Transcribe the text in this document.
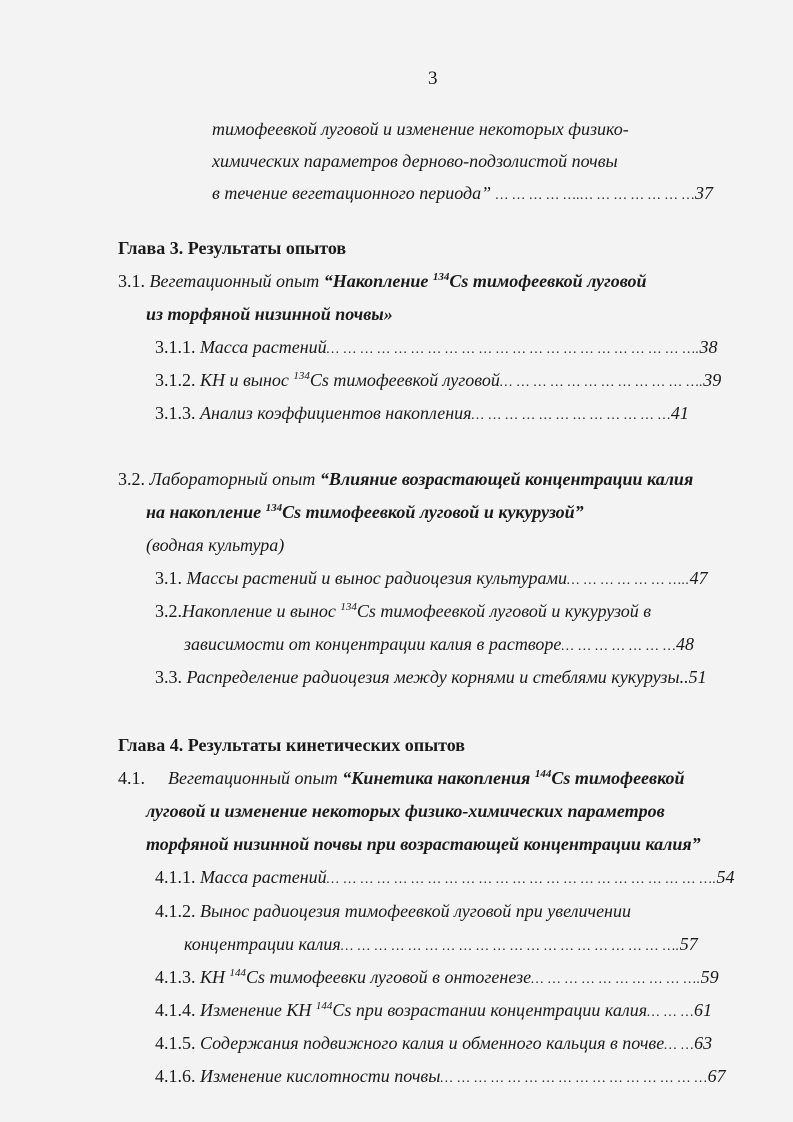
3
тимофеевкой луговой и изменение некоторых физико-
химических параметров дерново-подзолистой почвы
в течение вегетационного периода” … … … … ….… … … … … … …37
Глава 3. Результаты опытов
3.1. Вегетационный опыт “Накопление $^{134}$Cs тимофеевкой луговой
из торфяной низинной почвы»
3.1.1. Масса растений… … … … … … … … … … … … … … … … … … … … … ….38
3.1.2. КН и вынос $^{134}$Cs тимофеевкой луговой… … … … … … … … … … … ….39
3.1.3. Анализ коэффициентов накопления… … … … … … … … … … … …41
3.2. Лабораторный опыт “Влияние возрастающей концентрации калия
на накопление $^{134}$Cs тимофеевкой луговой и кукурузой”
(водная культура)
3.1. Массы растений и вынос радиоцезия культурами… … … … … … …..47
3.2.Накопление и вынос $^{134}$Cs тимофеевкой луговой и кукурузой в
зависимости от концентрации калия в растворе… … … … … … …48
3.3. Распределение радиоцезия между корнями и стеблями кукурузы..51
Глава 4. Результаты кинетических опытов
4.1. Вегетационный опыт “Кинетика накопления $^{144}$Cs тимофеевкой
луговой и изменение некоторых физико-химических параметров
торфяной низинной почвы при возрастающей концентрации калия”
4.1.1. Масса растений… … … … … … … … … … … … … … … … … … … … … … ….54
4.1.2. Вынос радиоцезия тимофеевкой луговой при увеличении
концентрации калия… … … … … … … … … … … … … … … … … … … ….57
4.1.3. КН $^{144}$Cs тимофеевки луговой в онтогенезе… … … … … … … … … ….59
4.1.4. Изменение КН $^{144}$Cs при возрастании концентрации калия… … …61
4.1.5. Содержания подвижного калия и обменного кальция в почве… …63
4.1.6. Изменение кислотности почвы… … … … … … … … … … … … … … … …67
